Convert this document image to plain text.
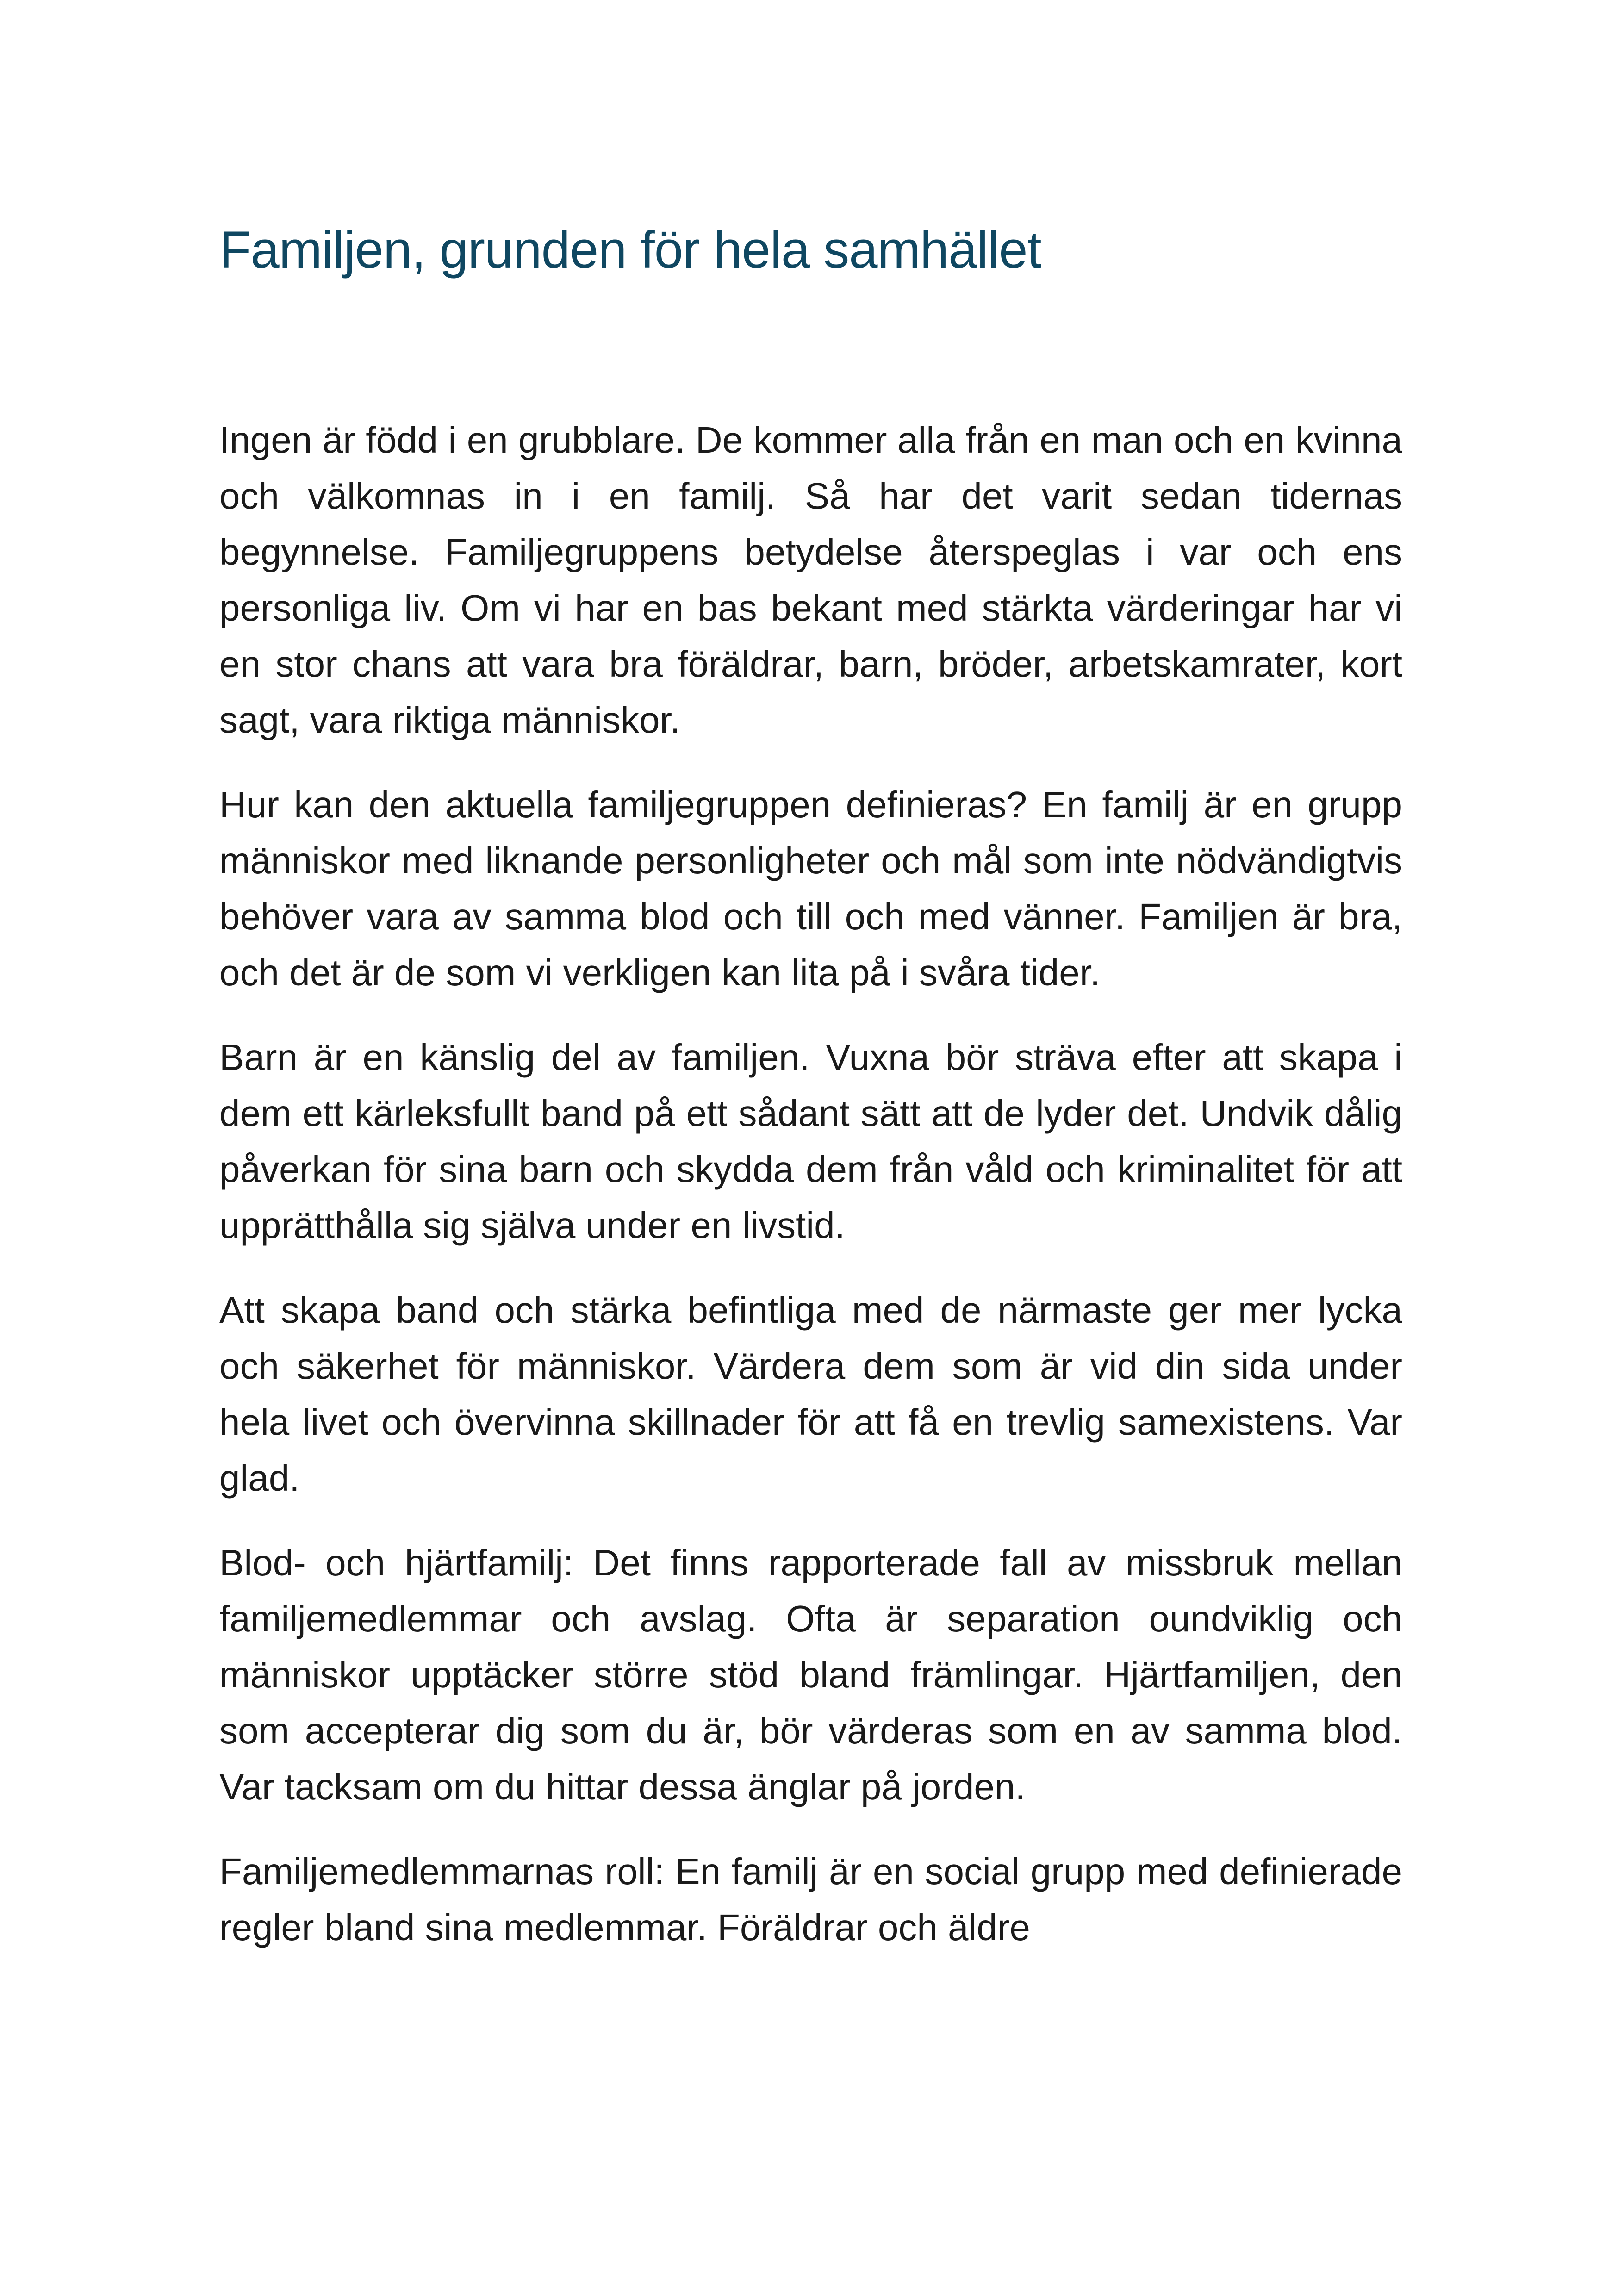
Familjen, grunden för hela samhället

Ingen är född i en grubblare. De kommer alla från en man och en kvinna och välkomnas in i en familj. Så har det varit sedan tidernas begynnelse. Familjegruppens betydelse återspeglas i var och ens personliga liv. Om vi har en bas bekant med stärkta värderingar har vi en stor chans att vara bra föräldrar, barn, bröder, arbetskamrater, kort sagt, vara riktiga människor.

Hur kan den aktuella familjegruppen definieras? En familj är en grupp människor med liknande personligheter och mål som inte nödvändigtvis behöver vara av samma blod och till och med vänner. Familjen är bra, och det är de som vi verkligen kan lita på i svåra tider.

Barn är en känslig del av familjen. Vuxna bör sträva efter att skapa i dem ett kärleksfullt band på ett sådant sätt att de lyder det. Undvik dålig påverkan för sina barn och skydda dem från våld och kriminalitet för att upprätthålla sig själva under en livstid.

Att skapa band och stärka befintliga med de närmaste ger mer lycka och säkerhet för människor. Värdera dem som är vid din sida under hela livet och övervinna skillnader för att få en trevlig samexistens. Var glad.

Blod- och hjärtfamilj: Det finns rapporterade fall av missbruk mellan familjemedlemmar och avslag. Ofta är separation oundviklig och människor upptäcker större stöd bland främlingar. Hjärtfamiljen, den som accepterar dig som du är, bör värderas som en av samma blod. Var tacksam om du hittar dessa änglar på jorden.

Familjemedlemmarnas roll: En familj är en social grupp med definierade regler bland sina medlemmar. Föräldrar och äldre
